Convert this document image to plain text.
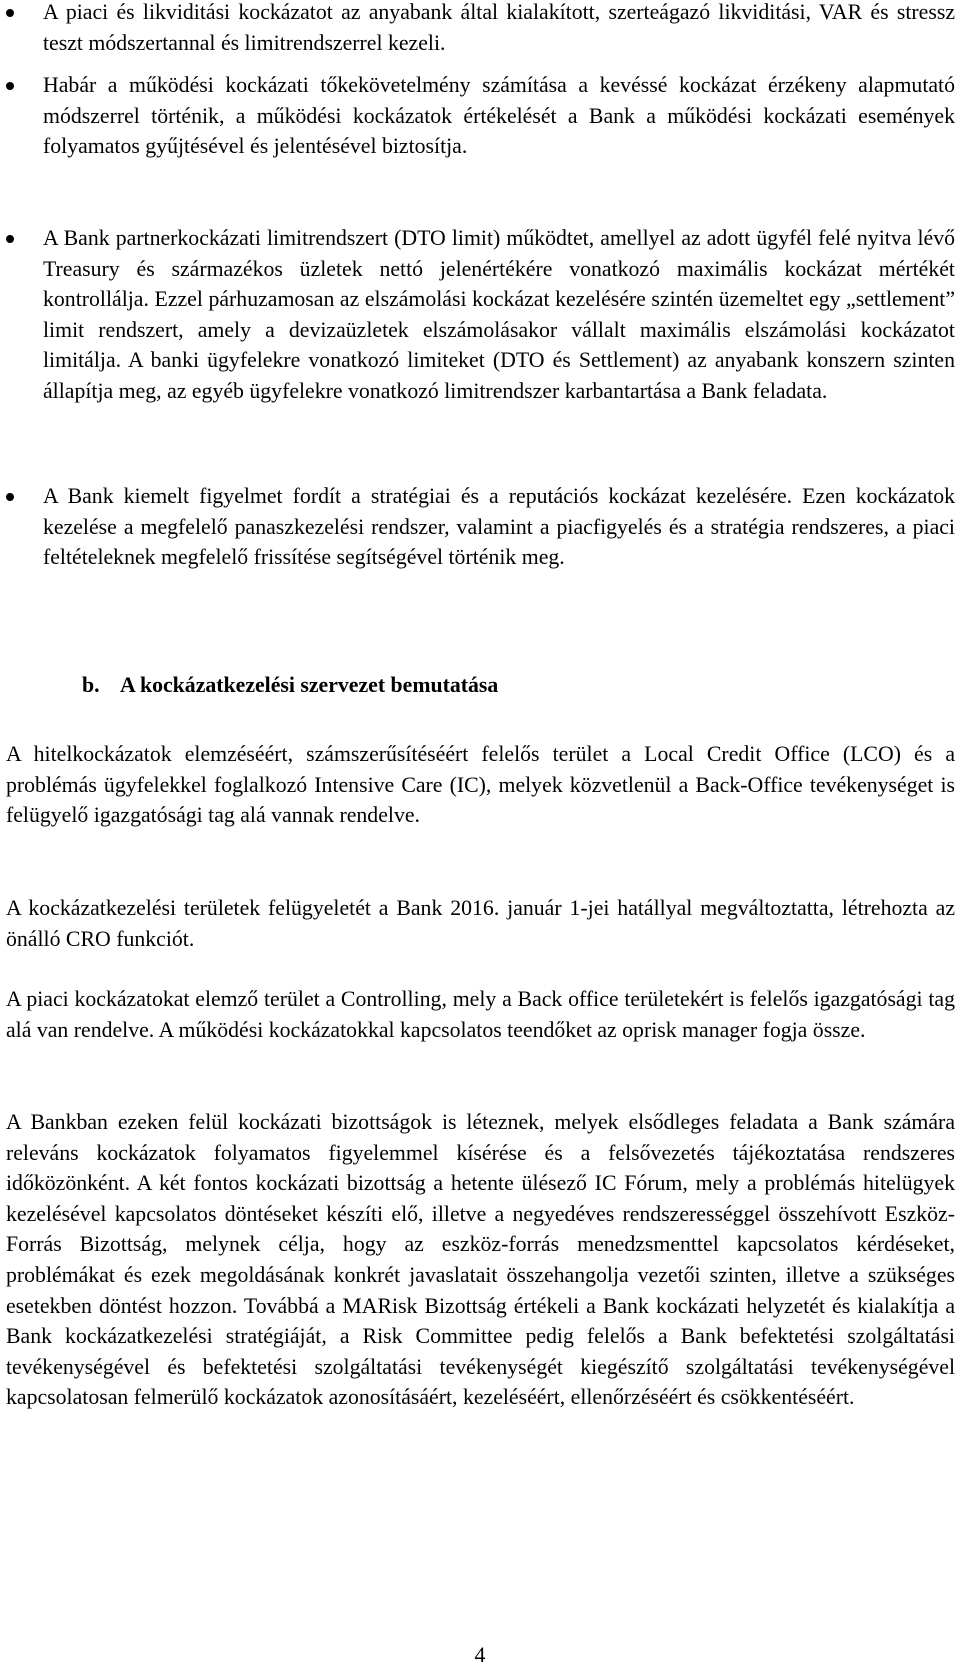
A piaci és likviditási kockázatot az anyabank által kialakított, szerteágazó likviditási, VAR és stressz teszt módszertannal és limitrendszerrel kezeli.

Habár a működési kockázati tőkekövetelmény számítása a kevéssé kockázat érzékeny alapmutató módszerrel történik, a működési kockázatok értékelését a Bank a működési kockázati események folyamatos gyűjtésével és jelentésével biztosítja.

A Bank partnerkockázati limitrendszert (DTO limit) működtet, amellyel az adott ügyfél felé nyitva lévő Treasury és származékos üzletek nettó jelenértékére vonatkozó maximális kockázat mértékét kontrollálja. Ezzel párhuzamosan az elszámolási kockázat kezelésére szintén üzemeltet egy „settlement” limit rendszert, amely a devizaüzletek elszámolásakor vállalt maximális elszámolási kockázatot limitálja. A banki ügyfelekre vonatkozó limiteket (DTO és Settlement) az anyabank konszern szinten állapítja meg, az egyéb ügyfelekre vonatkozó limitrendszer karbantartása a Bank feladata.

A Bank kiemelt figyelmet fordít a stratégiai és a reputációs kockázat kezelésére. Ezen kockázatok kezelése a megfelelő panaszkezelési rendszer, valamint a piacfigyelés és a stratégia rendszeres, a piaci feltételeknek megfelelő frissítése segítségével történik meg.

b. A kockázatkezelési szervezet bemutatása

A hitelkockázatok elemzéséért, számszerűsítéséért felelős terület a Local Credit Office (LCO) és a problémás ügyfelekkel foglalkozó Intensive Care (IC), melyek közvetlenül a Back-Office tevékenységet is felügyelő igazgatósági tag alá vannak rendelve.

A kockázatkezelési területek felügyeletét a Bank 2016. január 1-jei hatállyal megváltoztatta, létrehozta az önálló CRO funkciót.

A piaci kockázatokat elemző terület a Controlling, mely a Back office területekért is felelős igazgatósági tag alá van rendelve. A működési kockázatokkal kapcsolatos teendőket az oprisk manager fogja össze.

A Bankban ezeken felül kockázati bizottságok is léteznek, melyek elsődleges feladata a Bank számára releváns kockázatok folyamatos figyelemmel kísérése és a felsővezetés tájékoztatása rendszeres időközönként. A két fontos kockázati bizottság a hetente ülésező IC Fórum, mely a problémás hitelügyek kezelésével kapcsolatos döntéseket készíti elő, illetve a negyedéves rendszerességgel összehívott Eszköz-Forrás Bizottság, melynek célja, hogy az eszköz-forrás menedzsmenttel kapcsolatos kérdéseket, problémákat és ezek megoldásának konkrét javaslatait összehangolja vezetői szinten, illetve a szükséges esetekben döntést hozzon. Továbbá a MARisk Bizottság értékeli a Bank kockázati helyzetét és kialakítja a Bank kockázatkezelési stratégiáját, a Risk Committee pedig felelős a Bank befektetési szolgáltatási tevékenységével és befektetési szolgáltatási tevékenységét kiegészítő szolgáltatási tevékenységével kapcsolatosan felmerülő kockázatok azonosításáért, kezeléséért, ellenőrzéséért és csökkentéséért.

4
